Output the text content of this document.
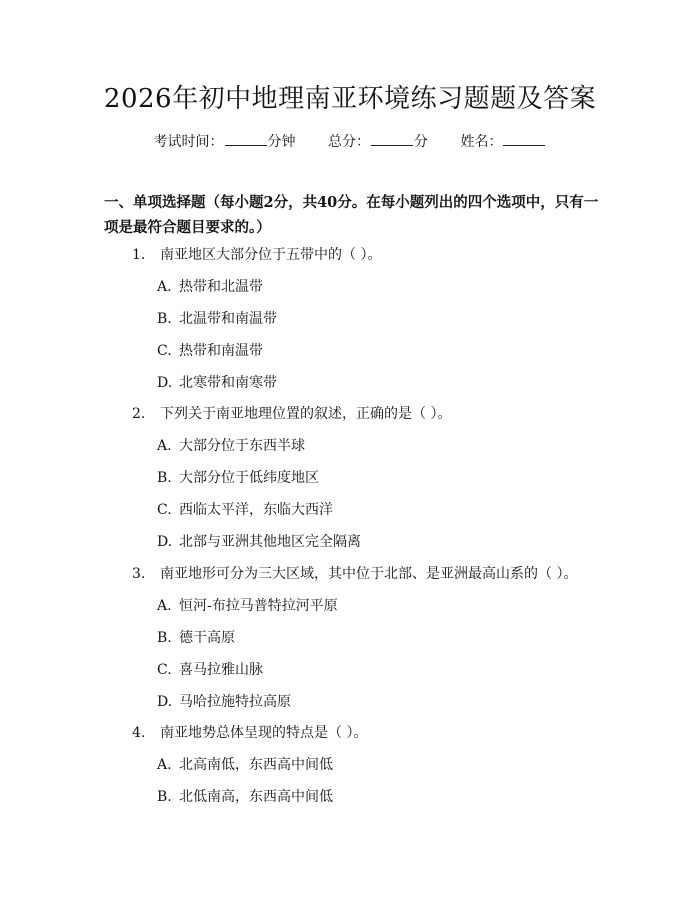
2026年初中地理南亚环境练习题题及答案
考试时间：	分钟 总分：	分 姓名：
一、单项选择题（每小题2分，共40分。在每小题列出的四个选项中，只有一项是最符合题目要求的。）
1. 南亚地区大部分位于五带中的（ ）。
A. 热带和北温带
B. 北温带和南温带
C. 热带和南温带
D. 北寒带和南寒带
2. 下列关于南亚地理位置的叙述，正确的是（ ）。
A. 大部分位于东西半球
B. 大部分位于低纬度地区
C. 西临太平洋，东临大西洋
D. 北部与亚洲其他地区完全隔离
3. 南亚地形可分为三大区域，其中位于北部、是亚洲最高山系的（ ）。
A. 恒河-布拉马普特拉河平原
B. 德干高原
C. 喜马拉雅山脉
D. 马哈拉施特拉高原
4. 南亚地势总体呈现的特点是（ ）。
A. 北高南低，东西高中间低
B. 北低南高，东西高中间低
